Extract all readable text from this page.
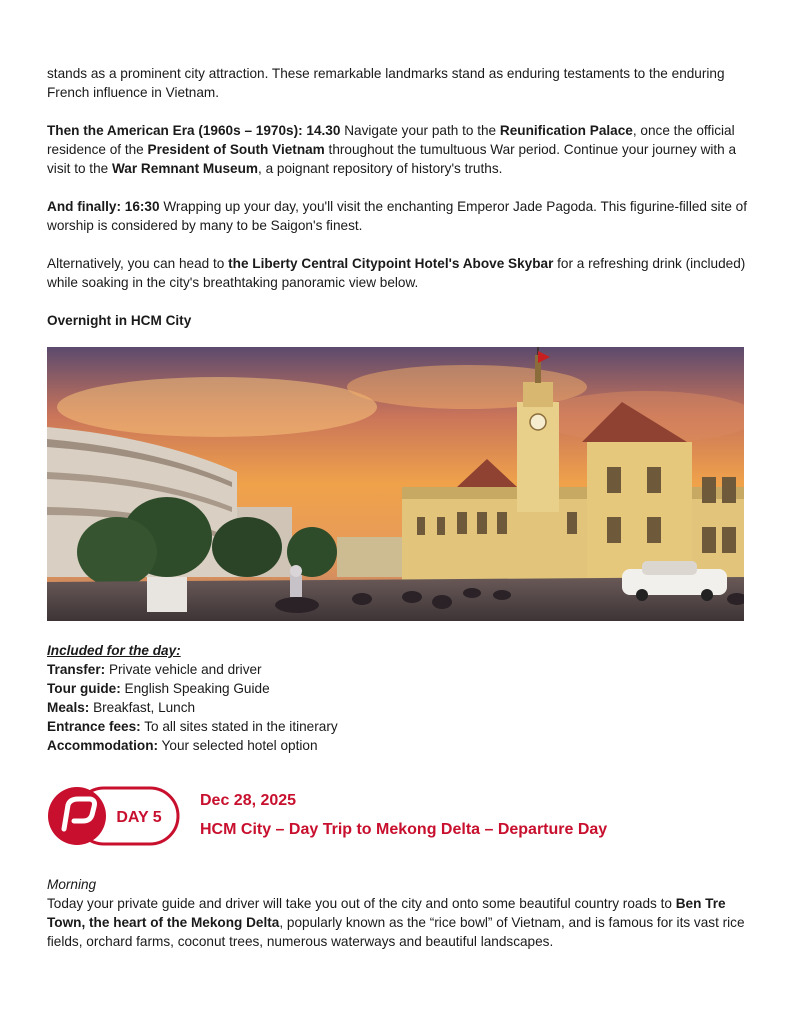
stands as a prominent city attraction. These remarkable landmarks stand as enduring testaments to the enduring French influence in Vietnam.

Then the American Era (1960s – 1970s): 14.30 Navigate your path to the Reunification Palace, once the official residence of the President of South Vietnam throughout the tumultuous War period. Continue your journey with a visit to the War Remnant Museum, a poignant repository of history's truths.

And finally: 16:30 Wrapping up your day, you'll visit the enchanting Emperor Jade Pagoda. This figurine-filled site of worship is considered by many to be Saigon's finest.

Alternatively, you can head to the Liberty Central Citypoint Hotel's Above Skybar for a refreshing drink (included) while soaking in the city's breathtaking panoramic view below.

Overnight in HCM City

Included for the day:
Transfer: Private vehicle and driver
Tour guide: English Speaking Guide
Meals: Breakfast, Lunch
Entrance fees: To all sites stated in the itinerary
Accommodation: Your selected hotel option
DAY 5
Dec 28, 2025
HCM City – Day Trip to Mekong Delta – Departure Day

Morning
Today your private guide and driver will take you out of the city and onto some beautiful country roads to Ben Tre Town, the heart of the Mekong Delta, popularly known as the “rice bowl” of Vietnam, and is famous for its vast rice fields, orchard farms, coconut trees, numerous waterways and beautiful landscapes.
